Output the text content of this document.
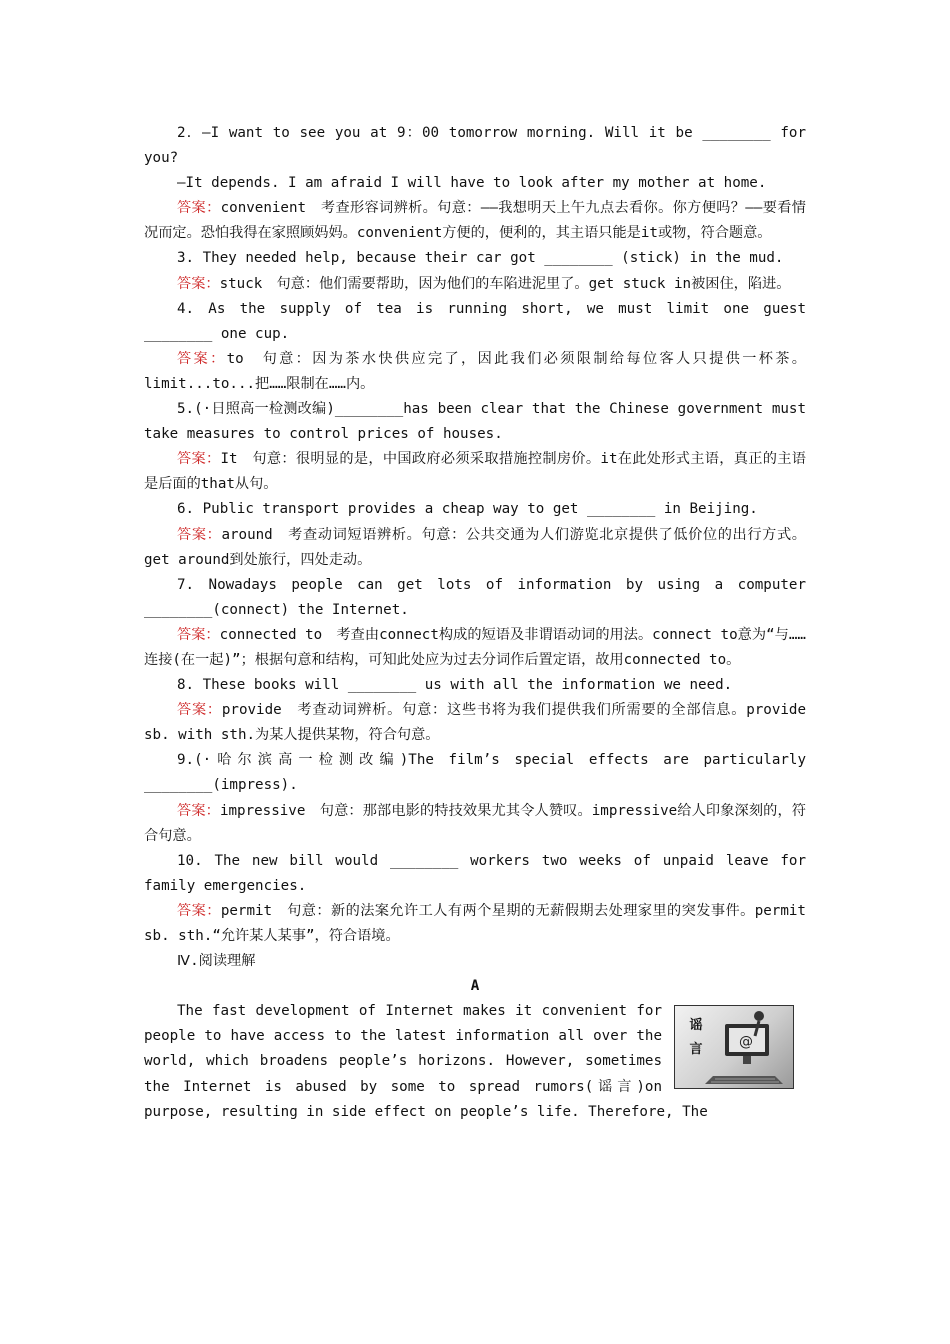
2．—I want to see you at 9：00 tomorrow morning. Will it be ________ for you?

—It depends. I am afraid I will have to look after my mother at home.

答案：convenient　考查形容词辨析。句意：——我想明天上午九点去看你。你方便吗？——要看情况而定。恐怕我得在家照顾妈妈。convenient方便的，便利的，其主语只能是it或物，符合题意。

3. They needed help, because their car got ________ (stick) in the mud.

答案：stuck　句意：他们需要帮助，因为他们的车陷进泥里了。get stuck in被困住，陷进。

4. As the supply of tea is running short, we must limit one guest ________ one cup.

答案：to　句意：因为茶水快供应完了，因此我们必须限制给每位客人只提供一杯茶。limit...to...把……限制在……内。

5.(·日照高一检测改编)________has been clear that the Chinese government must take measures to control prices of houses.

答案：It　句意：很明显的是，中国政府必须采取措施控制房价。it在此处形式主语，真正的主语是后面的that从句。

6. Public transport provides a cheap way to get ________ in Beijing.

答案：around　考查动词短语辨析。句意：公共交通为人们游览北京提供了低价位的出行方式。get around到处旅行，四处走动。

7. Nowadays people can get lots of information by using a computer ________(connect) the Internet.

答案：connected to　考查由connect构成的短语及非谓语动词的用法。connect to意为“与……连接(在一起)”；根据句意和结构，可知此处应为过去分词作后置定语，故用connected to。

8. These books will ________ us with all the information we need.

答案：provide　考查动词辨析。句意：这些书将为我们提供我们所需要的全部信息。provide sb. with sth.为某人提供某物，符合句意。

9.(·哈尔滨高一检测改编)The film’s special effects are particularly ________(impress).

答案：impressive　句意：那部电影的特技效果尤其令人赞叹。impressive给人印象深刻的，符合句意。

10. The new bill would ________ workers two weeks of unpaid leave for family emergencies.

答案：permit　句意：新的法案允许工人有两个星期的无薪假期去处理家里的突发事件。permit sb. sth.“允许某人某事”，符合语境。

Ⅳ.阅读理解

A

谣
言	@

The fast development of Internet makes it convenient for people to have access to the latest information all over the world, which broadens people’s horizons. However, sometimes the Internet is abused by some to spread rumors(谣言)on purpose, resulting in side effect on people’s life. Therefore, The
